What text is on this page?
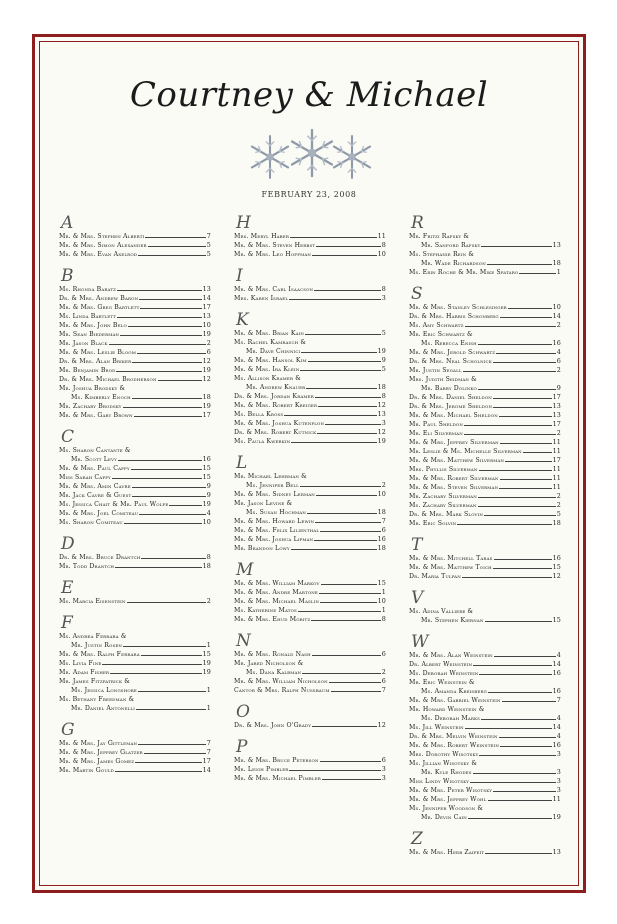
Courtney & Michael
FEBRUARY 23, 2008
A
Mr. & Mrs. Stephen Alberti	7
Mr. & Mrs. Simon Alexander	5
Mr. & Mrs. Evan Axelrod	5
B
Ms. Rhonda Baratz	13
Dr. & Mrs. Andrew Baron	14
Mr. & Mrs. Greg Bartlett	17
Ms. Linda Bartlett	13
Mr. & Mrs. John Belo	10
Mr. Sean Biederman	19
Mr. Jason Black	2
Mr. & Mrs. Leslie Bloom	6
Dr. & Mrs. Alan Briker	12
Mr. Benjamin Brod	19
Dr. & Mrs. Michael Brodherson	12
Mr. Joshua Brodsky &
Ms. Kimberly Enoch	18
Mr. Zachary Brodsky	19
Mr. & Mrs. Gary Brown	17
C
Ms. Sharon Cantante &
Mr. Scott Levy	16
Mr. & Mrs. Paul Cappy	15
Miss Sarah Cappy	15
Mr. & Mrs. Amin Cavre	9
Mr. Jack Cavre & Guest	9
Ms. Jessica Chait & Mr. Paul Wolpe	19
Mr. & Mrs. Joel Comiteau	4
Ms. Sharon Comiteau	10
D
Dr. & Mrs. Bruce Drantch	8
Mr. Todd Drantch	18
E
Ms. Marcia Eisenstein	2
F
Ms. Andrea Ferrara &
Mr. Justin Rosen	1
Mr. & Mrs. Ralph Ferrara	15
Ms. Livia Fine	19
Mr. Adam Fisher	19
Mr. James Fitzpatrick &
Ms. Jessica Longshore	1
Ms. Bethany Freedman &
Mr. Daniel Antonelli	1
G
Mr. & Mrs. Jay Gittleman	7
Mr. & Mrs. Jeffrey Glatzer	7
Mr. & Mrs. James Gomez	17
Mr. Martin Gould	14
H
Mrs. Meryl Haber	11
Mr. & Mrs. Steven Herbst	8
Mr. & Mrs. Leo Hoffman	10
I
Mr. & Mrs. Carl Isaacson	8
Mrs. Karen Israel	3
K
Mr. & Mrs. Brian Kain	5
Ms. Rachel Kamrasch &
Mr. Dave Chinnici	19
Mr. & Mrs. Hansol Kim	9
Mr. & Mrs. Ira Klein	5
Ms. Allison Kramer &
Mr. Andrew Knauer	18
Dr. & Mrs. Jordan Kramer	8
Mr. & Mrs. Robert Kreiger	12
Ms. Bella Kross	13
Mr. & Mrs. Joshua Kutenplon	3
Dr. & Mrs. Robert Kutnick	12
Ms. Paula Kwerkin	19
L
Mr. Michael Lehrman &
Ms. Jennifer Bell	2
Mr. & Mrs. Sidney Lerman	10
Mr. Jason Levine &
Ms. Susan Hochman	18
Mr. & Mrs. Howard Lewin	7
Mr. & Mrs. Felix Lilienthal	6
Mr. & Mrs. Joshua Lipman	16
Mr. Brandon Lowy	18
M
Mr. & Mrs. William Markov	15
Mr. & Mrs. Andre Martone	1
Mr. & Mrs. Michael Maslin	10
Ms. Katherine Matos	1
Mr. & Mrs. Ehud Moritz	8
N
Mr. & Mrs. Ronald Nash	6
Mr. Jared Nicholson &
Ms. Dana Kalbman	2
Mr. & Mrs. William Nicholson	6
Cantor & Mrs. Ralph Nussbaum	7
O
Dr. & Mrs. John O'Grady	12
P
Mr. & Mrs. Bruce Peterson	6
Mr. Leigh Pimbler	3
Mr. & Mrs. Michael Pimbler	3
R
Mr. Fritzi Rafsky &
Mr. Sanford Rafsky	13
Ms. Stephanie Rein &
Mr. Wade Richardson	18
Ms. Erin Roche & Mr. Mike Spataro	1
S
Mr. & Mrs. Stanley Schlesinger	10
Dr. & Mrs. Harris Schonberg	14
Ms. Amy Schwartz	2
Mr. Eric Schwartz &
Ms. Rebecca Enish	16
Mr. & Mrs. Jerold Schwartz	4
Dr. & Mrs. Neal Scholnick	6
Mr. Justin Segall	2
Mrs. Judith Seidman &
Mr. Barry Dolinko	9
Dr. & Mrs. Daniel Sheldon	17
Dr. & Mrs. Jerome Sheldon	13
Mr. & Mrs. Michael Sheldon	13
Mr. Paul Sheldon	17
Mr. Eli Silverman	2
Mr. & Mrs. Jeffrey Silverman	11
Mr. Leslie & Ms. Michelle Silverman	11
Mr. & Mrs. Matthew Silverman	17
Mrs. Phyllis Silverman	11
Mr. & Mrs. Robert Silverman	11
Mr. & Mrs. Steven Silverman	11
Mr. Zachary Silverman	2
Ms. Zachary Silverman	2
Dr. & Mrs. Mark Slovin	5
Mr. Eric Solvin	18
T
Mr. & Mrs. Mitchell Taras	16
Mr. & Mrs. Matthew Toich	15
Dr. Maria Tulpan	12
V
Ms. Adina Valliere &
Mr. Stephen Kiernan	15
W
Mr. & Mrs. Alan Weinstein	4
Dr. Albert Weinstein	14
Ms. Deborah Weinstein	16
Mr. Eric Weinstein &
Ms. Amanda Kreisberg	16
Mr. & Mrs. Gabriel Weinstein	7
Mr. Howard Weinstein &
Ms. Deborah Marks	4
Ms. Jill Weinstein	14
Dr. & Mrs. Melvin Weinstein	4
Mr. & Mrs. Robert Weinstein	16
Mrs. Dorothy Wisotsky	3
Ms. Jillian Wisotsky &
Mr. Kyle Rhodes	3
Miss Lindy Wisotsky	3
Mr. & Mrs. Peter Wisotsky	3
Mr. & Mrs. Jeffrey Wohl	11
Ms. Jennifer Woodson &
Mr. Devin Cain	19
Z
Mr. & Mrs. Herb Zaifeit	13
